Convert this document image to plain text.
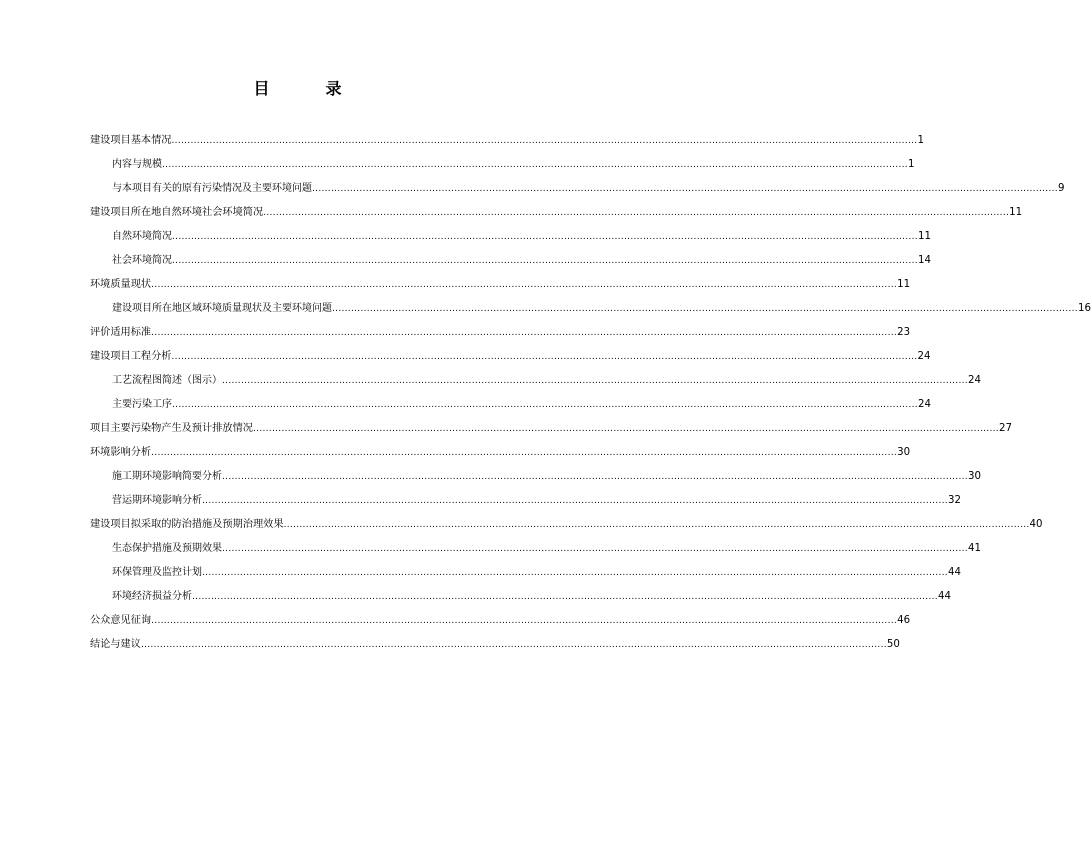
目　录
建设项目基本情况 ............................................................................................................................................................................................................................................ 1
内容与规模 ............................................................................................................................................................................................................................................ 1
与本项目有关的原有污染情况及主要环境问题 ............................................................................................................................................................................................................................................ 9
建设项目所在地自然环境社会环境简况 ............................................................................................................................................................................................................................................ 11
自然环境简况 ............................................................................................................................................................................................................................................ 11
社会环境简况 ............................................................................................................................................................................................................................................ 14
环境质量现状 ............................................................................................................................................................................................................................................ 11
建设项目所在地区域环境质量现状及主要环境问题 ............................................................................................................................................................................................................................................ 16
评价适用标准 ............................................................................................................................................................................................................................................ 23
建设项目工程分析 ............................................................................................................................................................................................................................................ 24
工艺流程图简述（图示） ............................................................................................................................................................................................................................................ 24
主要污染工序 ............................................................................................................................................................................................................................................ 24
项目主要污染物产生及预计排放情况 ............................................................................................................................................................................................................................................ 27
环境影响分析 ............................................................................................................................................................................................................................................ 30
施工期环境影响简要分析 ............................................................................................................................................................................................................................................ 30
营运期环境影响分析 ............................................................................................................................................................................................................................................ 32
建设项目拟采取的防治措施及预期治理效果 ............................................................................................................................................................................................................................................ 40
生态保护措施及预期效果 ............................................................................................................................................................................................................................................ 41
环保管理及监控计划 ............................................................................................................................................................................................................................................ 44
环境经济损益分析 ............................................................................................................................................................................................................................................ 44
公众意见征询 ............................................................................................................................................................................................................................................ 46
结论与建议 ............................................................................................................................................................................................................................................ 50
